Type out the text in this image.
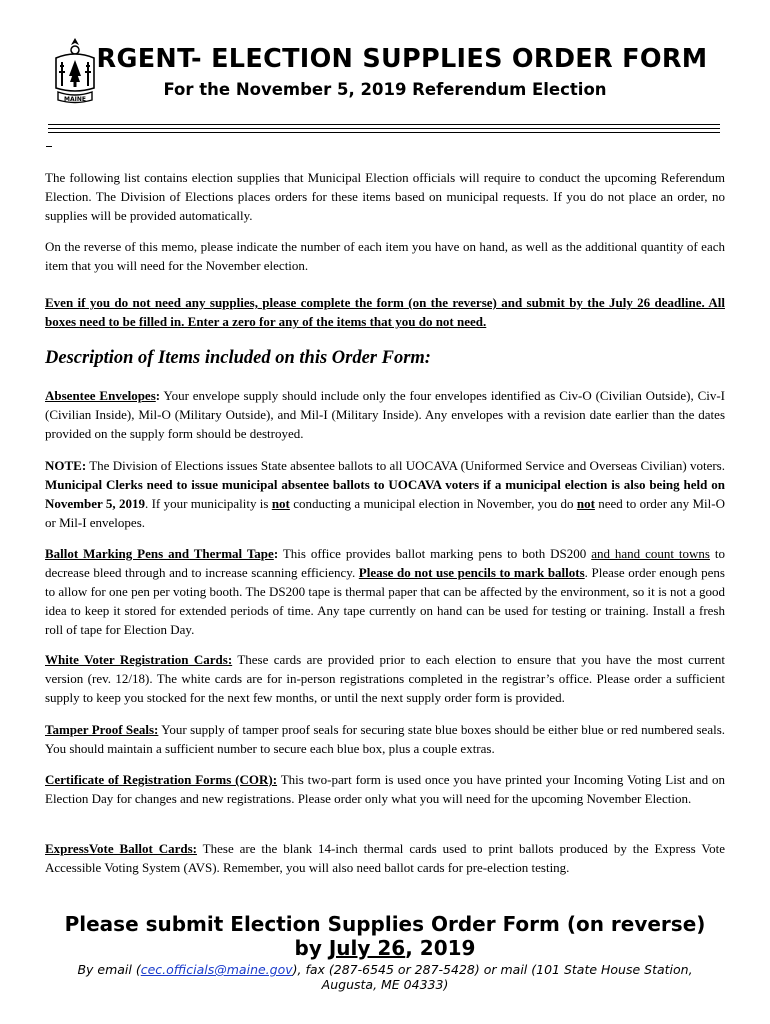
MAINE
RGENT- ELECTION SUPPLIES ORDER FORM
For the November 5, 2019 Referendum Election

The following list contains election supplies that Municipal Election officials will require to conduct the upcoming Referendum Election. The Division of Elections places orders for these items based on municipal requests. If you do not place an order, no supplies will be provided automatically.

On the reverse of this memo, please indicate the number of each item you have on hand, as well as the additional quantity of each item that you will need for the November election.

Even if you do not need any supplies, please complete the form (on the reverse) and submit by the July 26 deadline. All boxes need to be filled in. Enter a zero for any of the items that you do not need.

Description of Items included on this Order Form:

Absentee Envelopes: Your envelope supply should include only the four envelopes identified as Civ-O (Civilian Outside), Civ-I (Civilian Inside), Mil-O (Military Outside), and Mil-I (Military Inside). Any envelopes with a revision date earlier than the dates provided on the supply form should be destroyed.

NOTE: The Division of Elections issues State absentee ballots to all UOCAVA (Uniformed Service and Overseas Civilian) voters. Municipal Clerks need to issue municipal absentee ballots to UOCAVA voters if a municipal election is also being held on November 5, 2019. If your municipality is not conducting a municipal election in November, you do not need to order any Mil-O or Mil-I envelopes.

Ballot Marking Pens and Thermal Tape: This office provides ballot marking pens to both DS200 and hand count towns to decrease bleed through and to increase scanning efficiency. Please do not use pencils to mark ballots. Please order enough pens to allow for one pen per voting booth. The DS200 tape is thermal paper that can be affected by the environment, so it is not a good idea to keep it stored for extended periods of time. Any tape currently on hand can be used for testing or training. Install a fresh roll of tape for Election Day.

White Voter Registration Cards: These cards are provided prior to each election to ensure that you have the most current version (rev. 12/18). The white cards are for in-person registrations completed in the registrar’s office. Please order a sufficient supply to keep you stocked for the next few months, or until the next supply order form is provided.

Tamper Proof Seals: Your supply of tamper proof seals for securing state blue boxes should be either blue or red numbered seals. You should maintain a sufficient number to secure each blue box, plus a couple extras.

Certificate of Registration Forms (COR): This two-part form is used once you have printed your Incoming Voting List and on Election Day for changes and new registrations. Please order only what you will need for the upcoming November Election.

ExpressVote Ballot Cards: These are the blank 14-inch thermal cards used to print ballots produced by the Express Vote Accessible Voting System (AVS). Remember, you will also need ballot cards for pre-election testing.

Please submit Election Supplies Order Form (on reverse)
by July 26, 2019
By email (cec.officials@maine.gov), fax (287-6545 or 287-5428) or mail (101 State House Station, Augusta, ME 04333)
